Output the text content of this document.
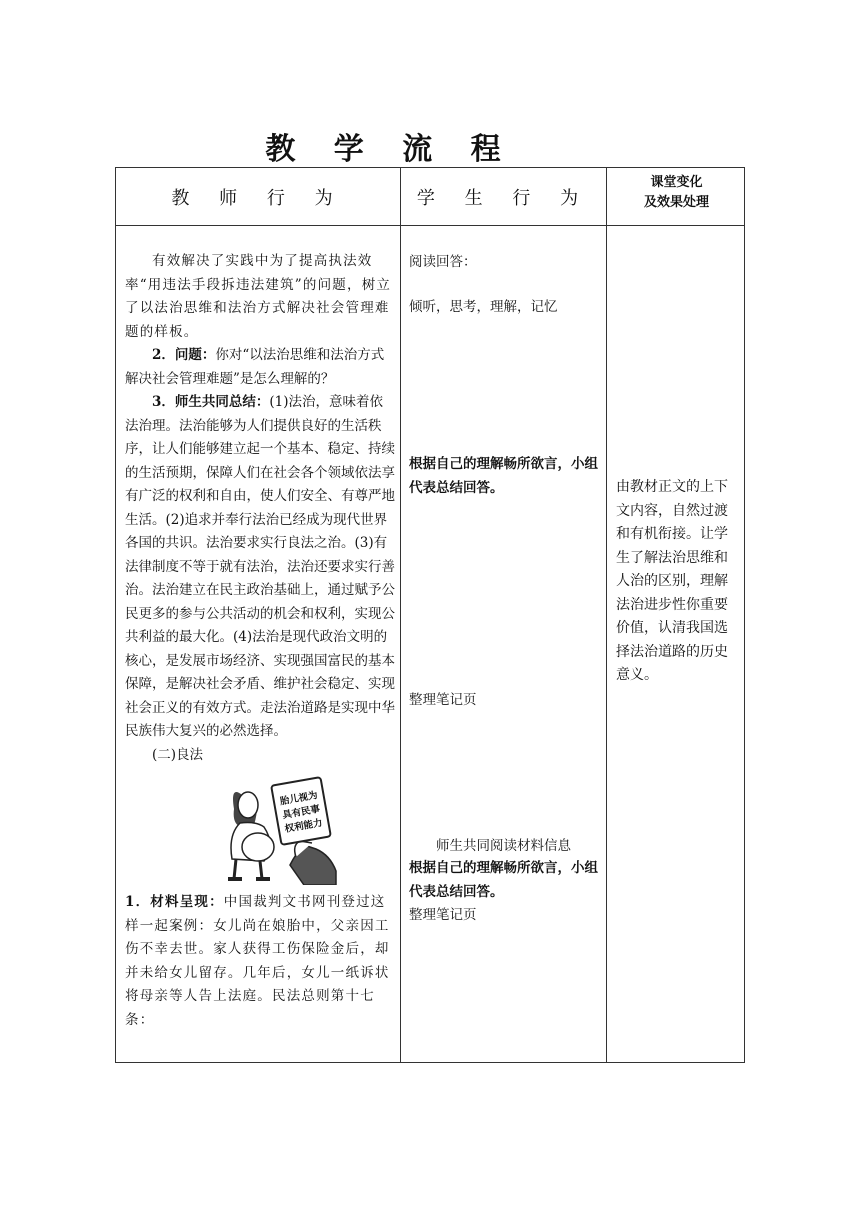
教 学 流 程
教 师 行 为	学 生 行 为
课堂变化
及效果处理

有效解决了实践中为了提高执法效率“用违法手段拆违法建筑”的问题，树立了以法治思维和法治方式解决社会管理难题的样板。

2．问题：你对“以法治思维和法治方式解决社会管理难题”是怎么理解的？

3．师生共同总结：(1)法治，意味着依法治理。法治能够为人们提供良好的生活秩序，让人们能够建立起一个基本、稳定、持续的生活预期，保障人们在社会各个领域依法享有广泛的权利和自由，使人们安全、有尊严地生活。(2)追求并奉行法治已经成为现代世界各国的共识。法治要求实行良法之治。(3)有法律制度不等于就有法治，法治还要求实行善治。法治建立在民主政治基础上，通过赋予公民更多的参与公共活动的机会和权利，实现公共利益的最大化。(4)法治是现代政治文明的核心，是发展市场经济、实现强国富民的基本保障，是解决社会矛盾、维护社会稳定、实现社会正义的有效方式。走法治道路是实现中华民族伟大复兴的必然选择。

(二)良法

胎儿视为
具有民事
权利能力

1．材料呈现：中国裁判文书网刊登过这样一起案例：女儿尚在娘胎中，父亲因工伤不幸去世。家人获得工伤保险金后，却并未给女儿留存。几年后，女儿一纸诉状将母亲等人告上法庭。民法总则第十七条：

阅读回答：
倾听，思考，理解，记忆
根据自己的理解畅所欲言，小组代表总结回答。
整理笔记页
师生共同阅读材料信息
根据自己的理解畅所欲言，小组代表总结回答。
整理笔记页
由教材正文的上下文内容，自然过渡和有机衔接。让学生了解法治思维和人治的区别，理解法治进步性你重要价值，认清我国选择法治道路的历史意义。
